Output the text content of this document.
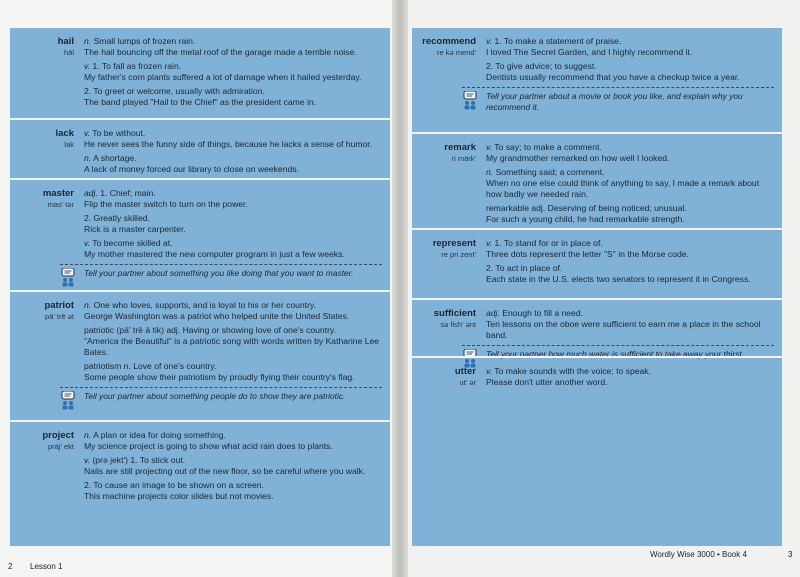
hail
hāl

n. Small lumps of frozen rain.
The hail bouncing off the metal roof of the garage made a terrible noise.

v. 1. To fall as frozen rain.
My father's corn plants suffered a lot of damage when it hailed yesterday.

2. To greet or welcome, usually with admiration.
The band played "Hail to the Chief" as the president came in.

lack
lak

v. To be without.
He never sees the funny side of things, because he lacks a sense of humor.

n. A shortage.
A lack of money forced our library to close on weekends.

master
mas' tər

adj. 1. Chief; main.
Flip the master switch to turn on the power.

2. Greatly skilled.
Rick is a master carpenter.

v. To become skilled at.
My mother mastered the new computer program in just a few weeks.

Tell your partner about something you like doing that you want to master.
patriot
pā' trē ət

n. One who loves, supports, and is loyal to his or her country.
George Washington was a patriot who helped unite the United States.

patriotic (pā' trē ä tik) adj. Having or showing love of one's country.
"America the Beautiful" is a patriotic song with words written by Katharine Lee Bates.

patriotism n. Love of one's country.
Some people show their patriotism by proudly flying their country's flag.

Tell your partner about something people do to show they are patriotic.
project
präj' ekt

n. A plan or idea for doing something.
My science project is going to show what acid rain does to plants.

v. (prə jekt') 1. To stick out.
Nails are still projecting out of the new floor, so be careful where you walk.

2. To cause an image to be shown on a screen.
This machine projects color slides but not movies.

recommend
re kə mend'

v. 1. To make a statement of praise.
I loved The Secret Garden, and I highly recommend it.

2. To give advice; to suggest.
Dentists usually recommend that you have a checkup twice a year.

Tell your partner about a movie or book you like, and explain why you recommend it.
remark
ri märk'

v. To say; to make a comment.
My grandmother remarked on how well I looked.

n. Something said; a comment.
When no one else could think of anything to say, I made a remark about how badly we needed rain.

remarkable adj. Deserving of being noticed; unusual.
For such a young child, he had remarkable strength.

represent
re pri zent'

v. 1. To stand for or in place of.
Three dots represent the letter "S" in the Morse code.

2. To act in place of.
Each state in the U.S. elects two senators to represent it in Congress.

sufficient
sə fish' ənt

adj. Enough to fill a need.
Ten lessons on the oboe were sufficient to earn me a place in the school band.

Tell your partner how much water is sufficient to take away your thirst.
utter
ut' ər

v. To make sounds with the voice; to speak.
Please don't utter another word.

2 Lesson 1
Wordly Wise 3000 • Book 4	3
